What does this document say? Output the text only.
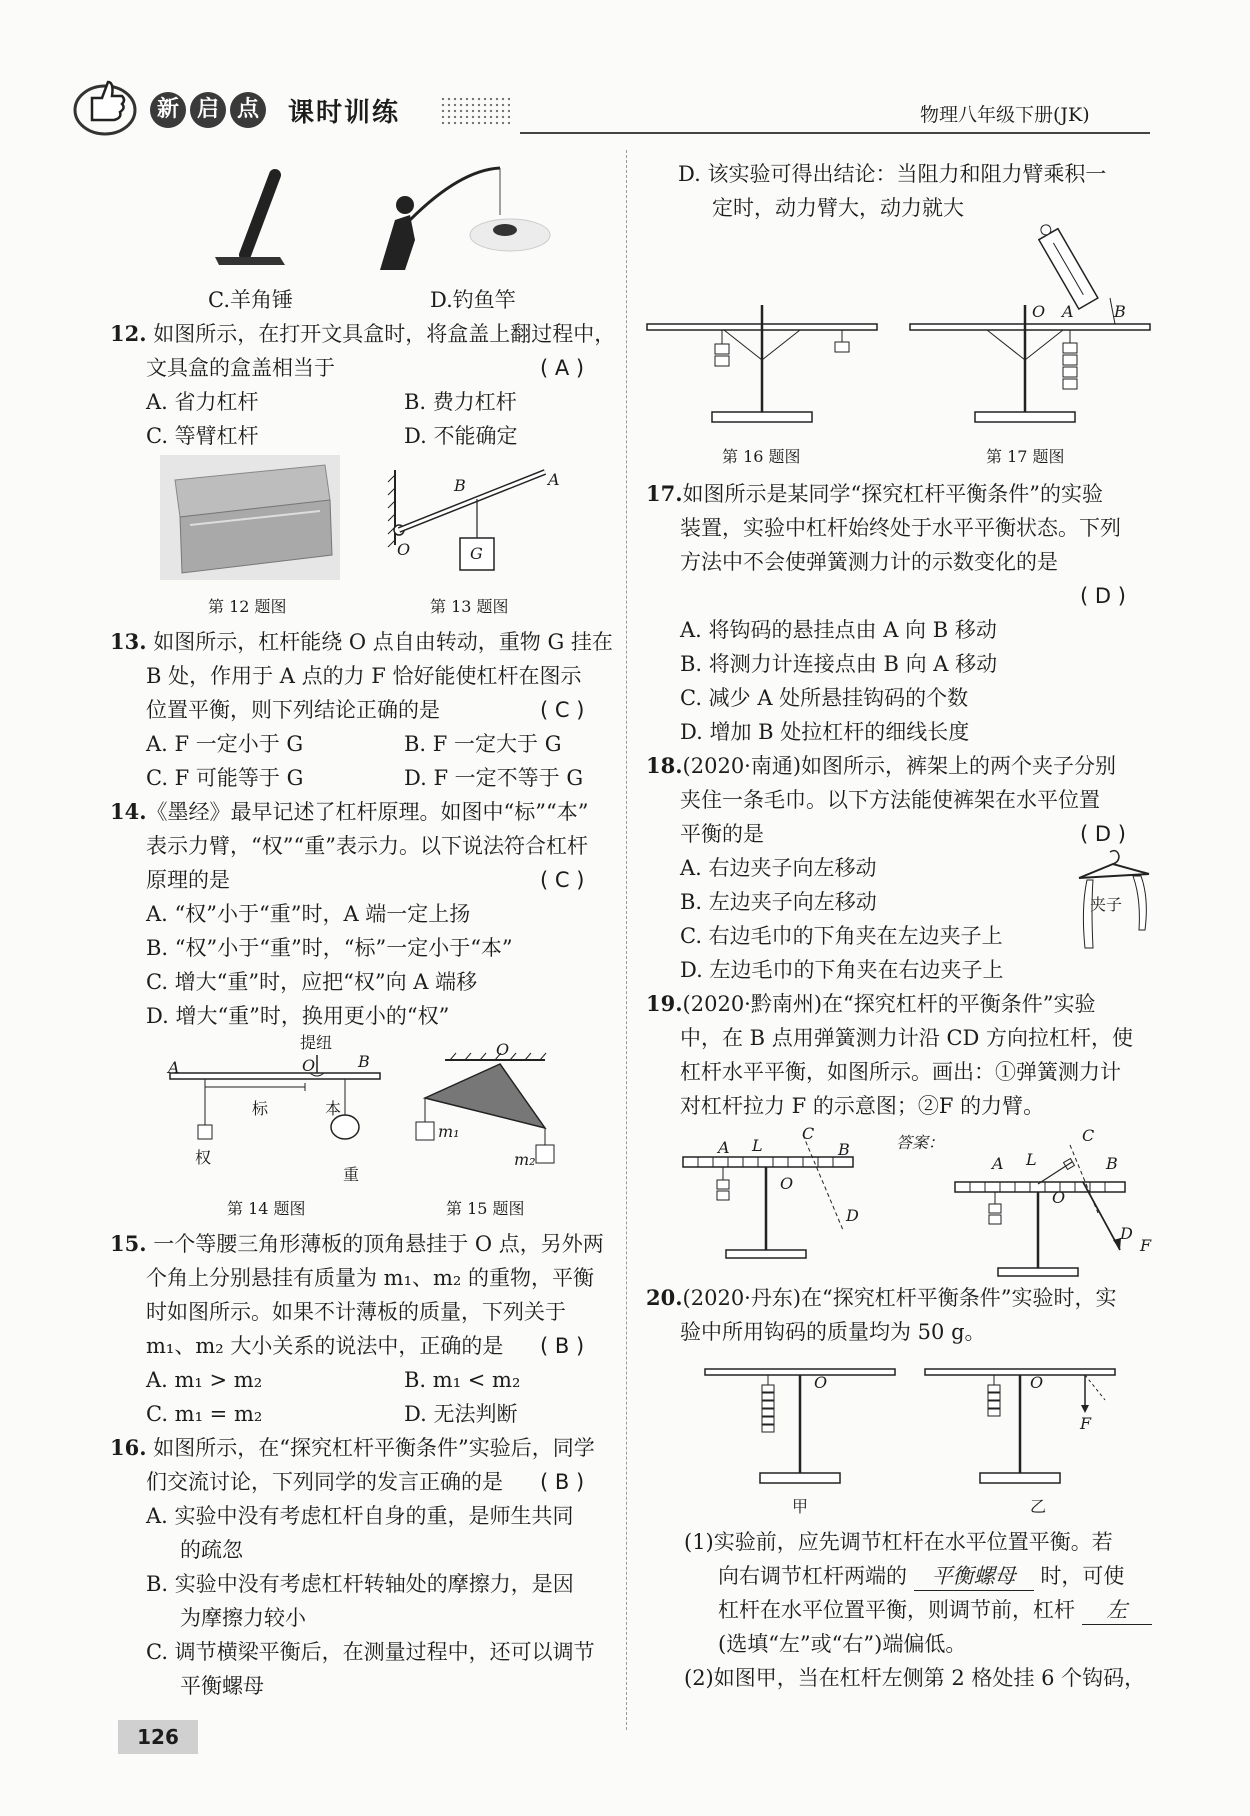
新 启 点 课时训练	物理八年级下册(JK)
C.羊角锤	D.钓鱼竿
12. 如图所示，在打开文具盒时，将盒盖上翻过程中，
文具盒的盒盖相当于	( A )
A. 省力杠杆	B. 费力杠杆
C. 等臂杠杆	D. 不能确定
B	A
O	G
第 12 题图	第 13 题图
13. 如图所示，杠杆能绕 O 点自由转动，重物 G 挂在
B 处，作用于 A 点的力 F 恰好能使杠杆在图示
位置平衡，则下列结论正确的是	( C )
A. F 一定小于 G	B. F 一定大于 G
C. F 可能等于 G	D. F 一定不等于 G
14.《墨经》最早记述了杠杆原理。如图中“标”“本”
表示力臂，“权”“重”表示力。以下说法符合杠杆
原理的是	( C )
A. “权”小于“重”时，A 端一定上扬
B. “权”小于“重”时，“标”一定小于“本”
C. 增大“重”时，应把“权”向 A 端移
D. 增大“重”时，换用更小的“权”
提纽
A	O	B
标	本
权
重
O
m₁
m₂
第 14 题图	第 15 题图
15. 一个等腰三角形薄板的顶角悬挂于 O 点，另外两
个角上分别悬挂有质量为 m₁、m₂ 的重物，平衡
时如图所示。如果不计薄板的质量，下列关于
m₁、m₂ 大小关系的说法中，正确的是 ( B )
A. m₁ > m₂	B. m₁ < m₂
C. m₁ = m₂	D. 无法判断
16. 如图所示，在“探究杠杆平衡条件”实验后，同学
们交流讨论，下列同学的发言正确的是 ( B )
A. 实验中没有考虑杠杆自身的重，是师生共同
的疏忽
B. 实验中没有考虑杠杆转轴处的摩擦力，是因
为摩擦力较小
C. 调节横梁平衡后，在测量过程中，还可以调节
平衡螺母
126
D. 该实验可得出结论：当阻力和阻力臂乘积一
定时，动力臂大，动力就大
O A	B
第 16 题图	第 17 题图
17.如图所示是某同学“探究杠杆平衡条件”的实验
装置，实验中杠杆始终处于水平平衡状态。下列
方法中不会使弹簧测力计的示数变化的是
( D )
A. 将钩码的悬挂点由 A 向 B 移动
B. 将测力计连接点由 B 向 A 移动
C. 减少 A 处所悬挂钩码的个数
D. 增加 B 处拉杠杆的细线长度
18.(2020·南通)如图所示，裤架上的两个夹子分别
夹住一条毛巾。以下方法能使裤架在水平位置
平衡的是	( D )
A. 右边夹子向左移动
B. 左边夹子向左移动
C. 右边毛巾的下角夹在左边夹子上
D. 左边毛巾的下角夹在右边夹子上
夹子
19.(2020·黔南州)在“探究杠杆的平衡条件”实验
中，在 B 点用弹簧测力计沿 CD 方向拉杠杆，使
杠杆水平平衡，如图所示。画出：①弹簧测力计
对杠杆拉力 F 的示意图；②F 的力臂。
A L
C
B
O
D
答案：	C
A L	B
O
D
F
20.(2020·丹东)在“探究杠杆平衡条件”实验时，实
验中所用钩码的质量均为 50 g。
O
甲
O
F
乙
(1)实验前，应先调节杠杆在水平位置平衡。若
向右调节杠杆两端的 平衡螺母 时，可使
杠杆在水平位置平衡，则调节前，杠杆 左
(选填“左”或“右”)端偏低。
(2)如图甲，当在杠杆左侧第 2 格处挂 6 个钩码，
